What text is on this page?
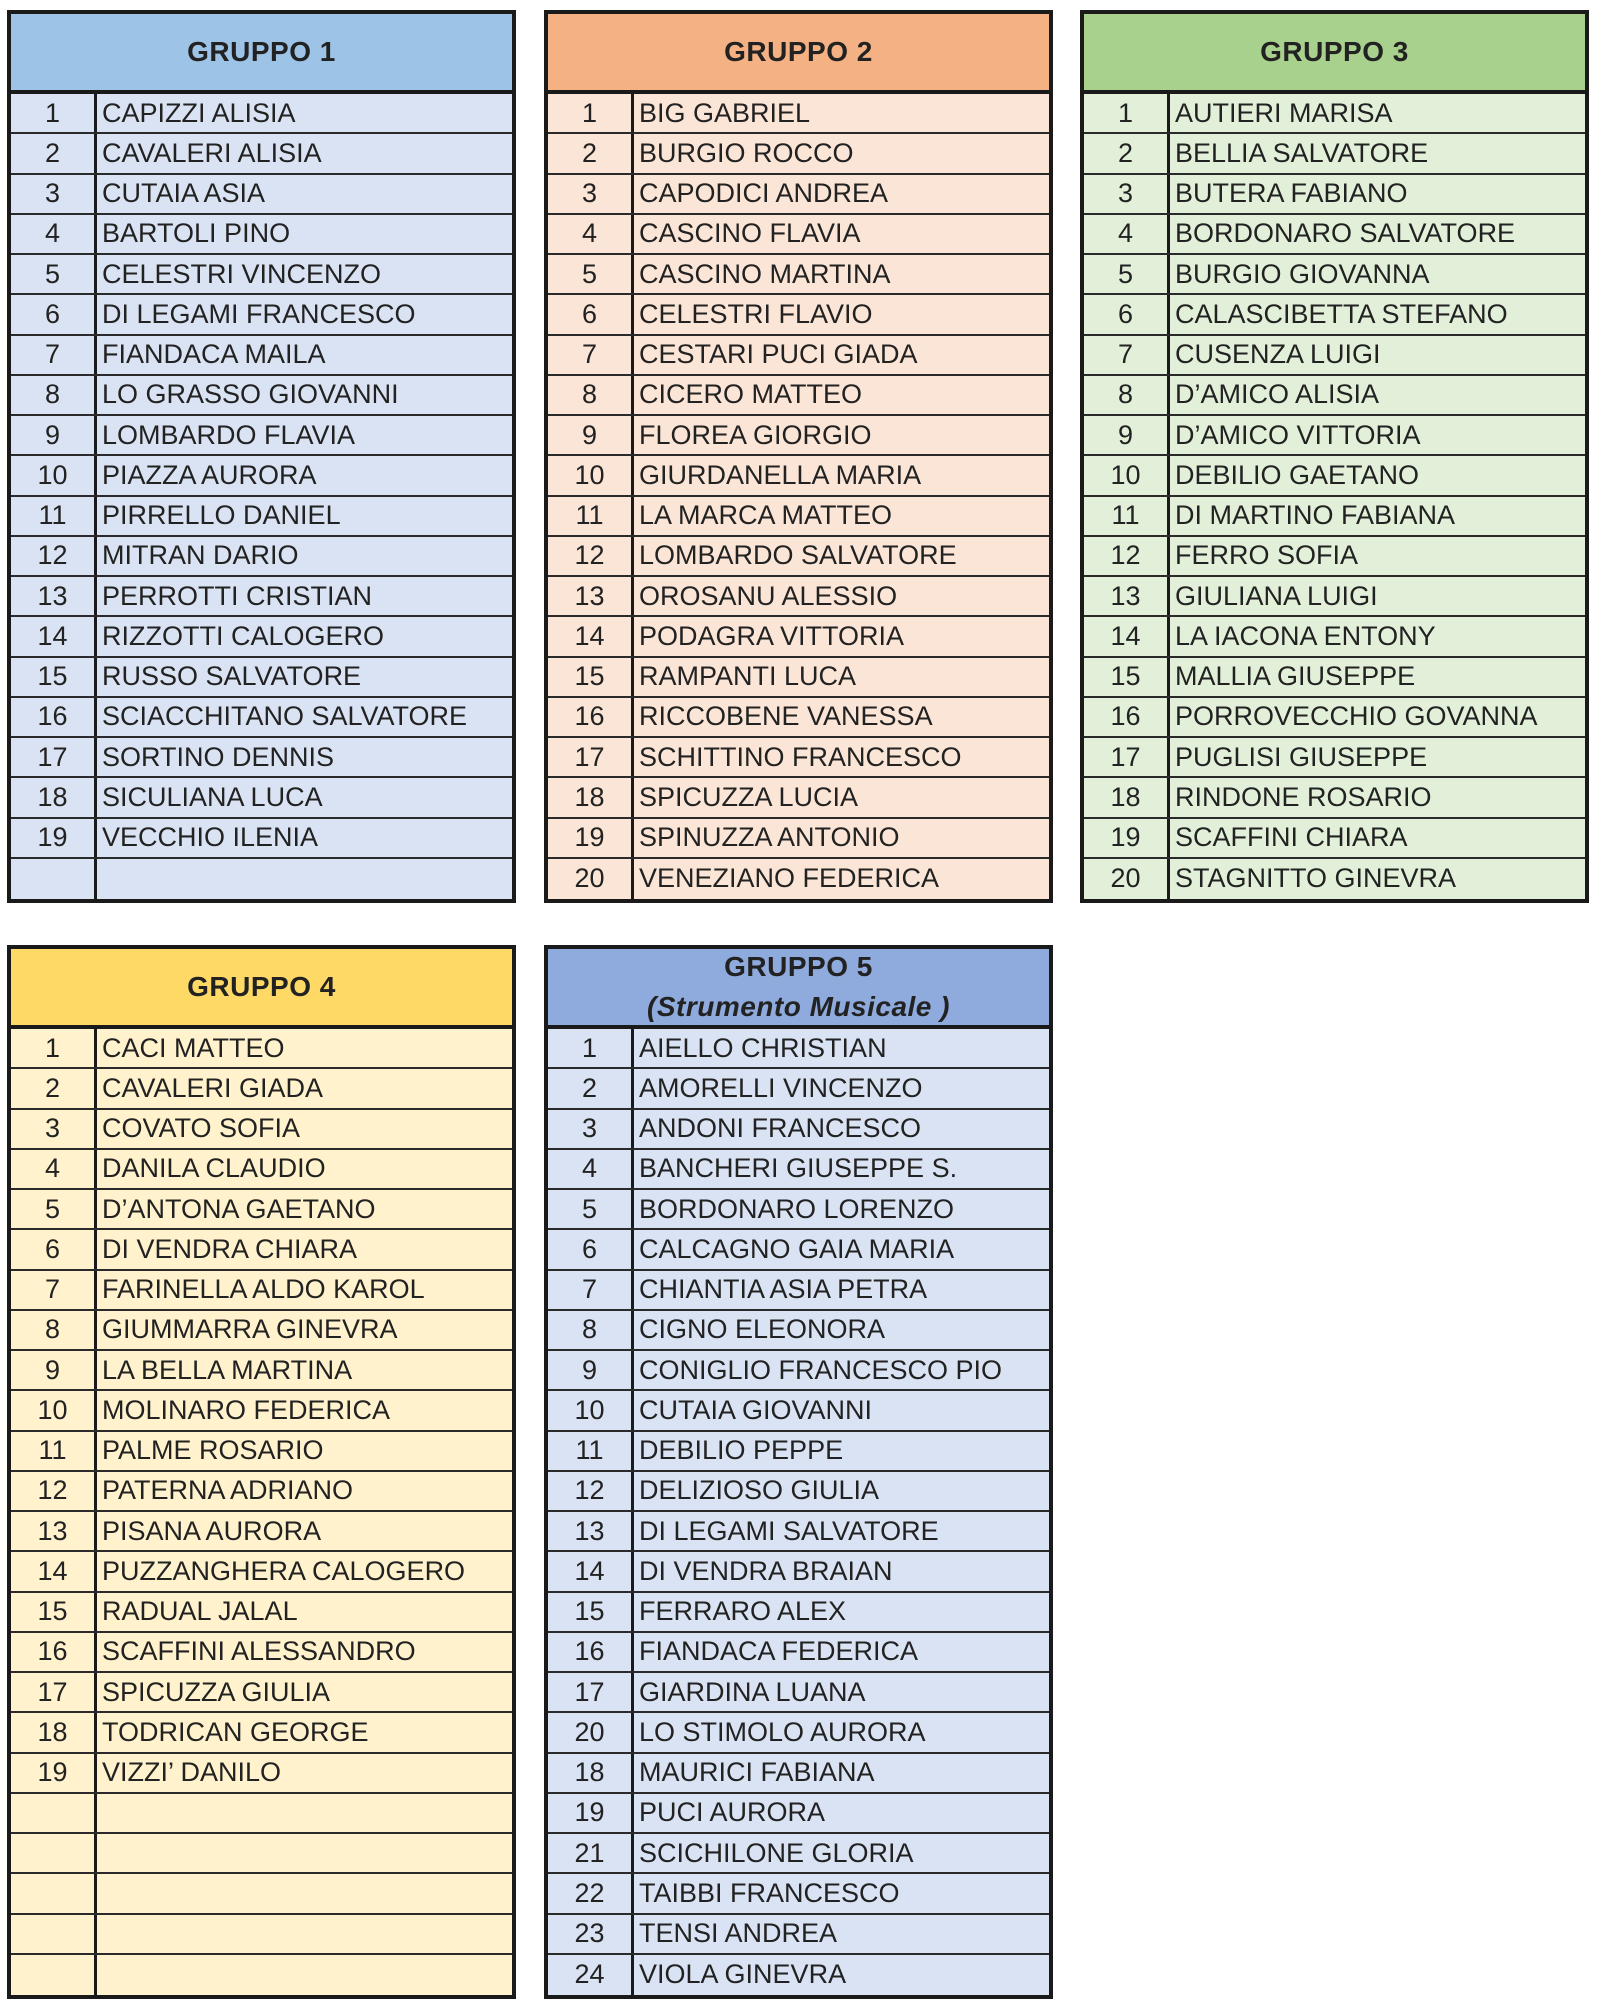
GRUPPO 1
1	CAPIZZI ALISIA
2	CAVALERI ALISIA
3	CUTAIA ASIA
4	BARTOLI PINO
5	CELESTRI VINCENZO
6	DI LEGAMI FRANCESCO
7	FIANDACA MAILA
8	LO GRASSO GIOVANNI
9	LOMBARDO FLAVIA
10	PIAZZA AURORA
11	PIRRELLO DANIEL
12	MITRAN DARIO
13	PERROTTI CRISTIAN
14	RIZZOTTI CALOGERO
15	RUSSO SALVATORE
16	SCIACCHITANO SALVATORE
17	SORTINO DENNIS
18	SICULIANA LUCA
19	VECCHIO ILENIA
GRUPPO 2
1	BIG GABRIEL
2	BURGIO ROCCO
3	CAPODICI ANDREA
4	CASCINO FLAVIA
5	CASCINO MARTINA
6	CELESTRI FLAVIO
7	CESTARI PUCI GIADA
8	CICERO MATTEO
9	FLOREA GIORGIO
10	GIURDANELLA MARIA
11	LA MARCA MATTEO
12	LOMBARDO SALVATORE
13	OROSANU ALESSIO
14	PODAGRA VITTORIA
15	RAMPANTI LUCA
16	RICCOBENE VANESSA
17	SCHITTINO FRANCESCO
18	SPICUZZA LUCIA
19	SPINUZZA ANTONIO
20	VENEZIANO FEDERICA
GRUPPO 3
1	AUTIERI MARISA
2	BELLIA SALVATORE
3	BUTERA FABIANO
4	BORDONARO SALVATORE
5	BURGIO GIOVANNA
6	CALASCIBETTA STEFANO
7	CUSENZA LUIGI
8	D’AMICO ALISIA
9	D’AMICO VITTORIA
10	DEBILIO GAETANO
11	DI MARTINO FABIANA
12	FERRO SOFIA
13	GIULIANA LUIGI
14	LA IACONA ENTONY
15	MALLIA GIUSEPPE
16	PORROVECCHIO GOVANNA
17	PUGLISI GIUSEPPE
18	RINDONE ROSARIO
19	SCAFFINI CHIARA
20	STAGNITTO GINEVRA
GRUPPO 4
1	CACI MATTEO
2	CAVALERI GIADA
3	COVATO SOFIA
4	DANILA CLAUDIO
5	D’ANTONA GAETANO
6	DI VENDRA CHIARA
7	FARINELLA ALDO KAROL
8	GIUMMARRA GINEVRA
9	LA BELLA MARTINA
10	MOLINARO FEDERICA
11	PALME ROSARIO
12	PATERNA ADRIANO
13	PISANA AURORA
14	PUZZANGHERA CALOGERO
15	RADUAL JALAL
16	SCAFFINI ALESSANDRO
17	SPICUZZA GIULIA
18	TODRICAN GEORGE
19	VIZZI’ DANILO
GRUPPO 5
(Strumento Musicale )
1	AIELLO CHRISTIAN
2	AMORELLI VINCENZO
3	ANDONI FRANCESCO
4	BANCHERI GIUSEPPE S.
5	BORDONARO LORENZO
6	CALCAGNO GAIA MARIA
7	CHIANTIA ASIA PETRA
8	CIGNO ELEONORA
9	CONIGLIO FRANCESCO PIO
10	CUTAIA GIOVANNI
11	DEBILIO PEPPE
12	DELIZIOSO GIULIA
13	DI LEGAMI SALVATORE
14	DI VENDRA BRAIAN
15	FERRARO ALEX
16	FIANDACA FEDERICA
17	GIARDINA LUANA
20	LO STIMOLO AURORA
18	MAURICI FABIANA
19	PUCI AURORA
21	SCICHILONE GLORIA
22	TAIBBI FRANCESCO
23	TENSI ANDREA
24	VIOLA GINEVRA
